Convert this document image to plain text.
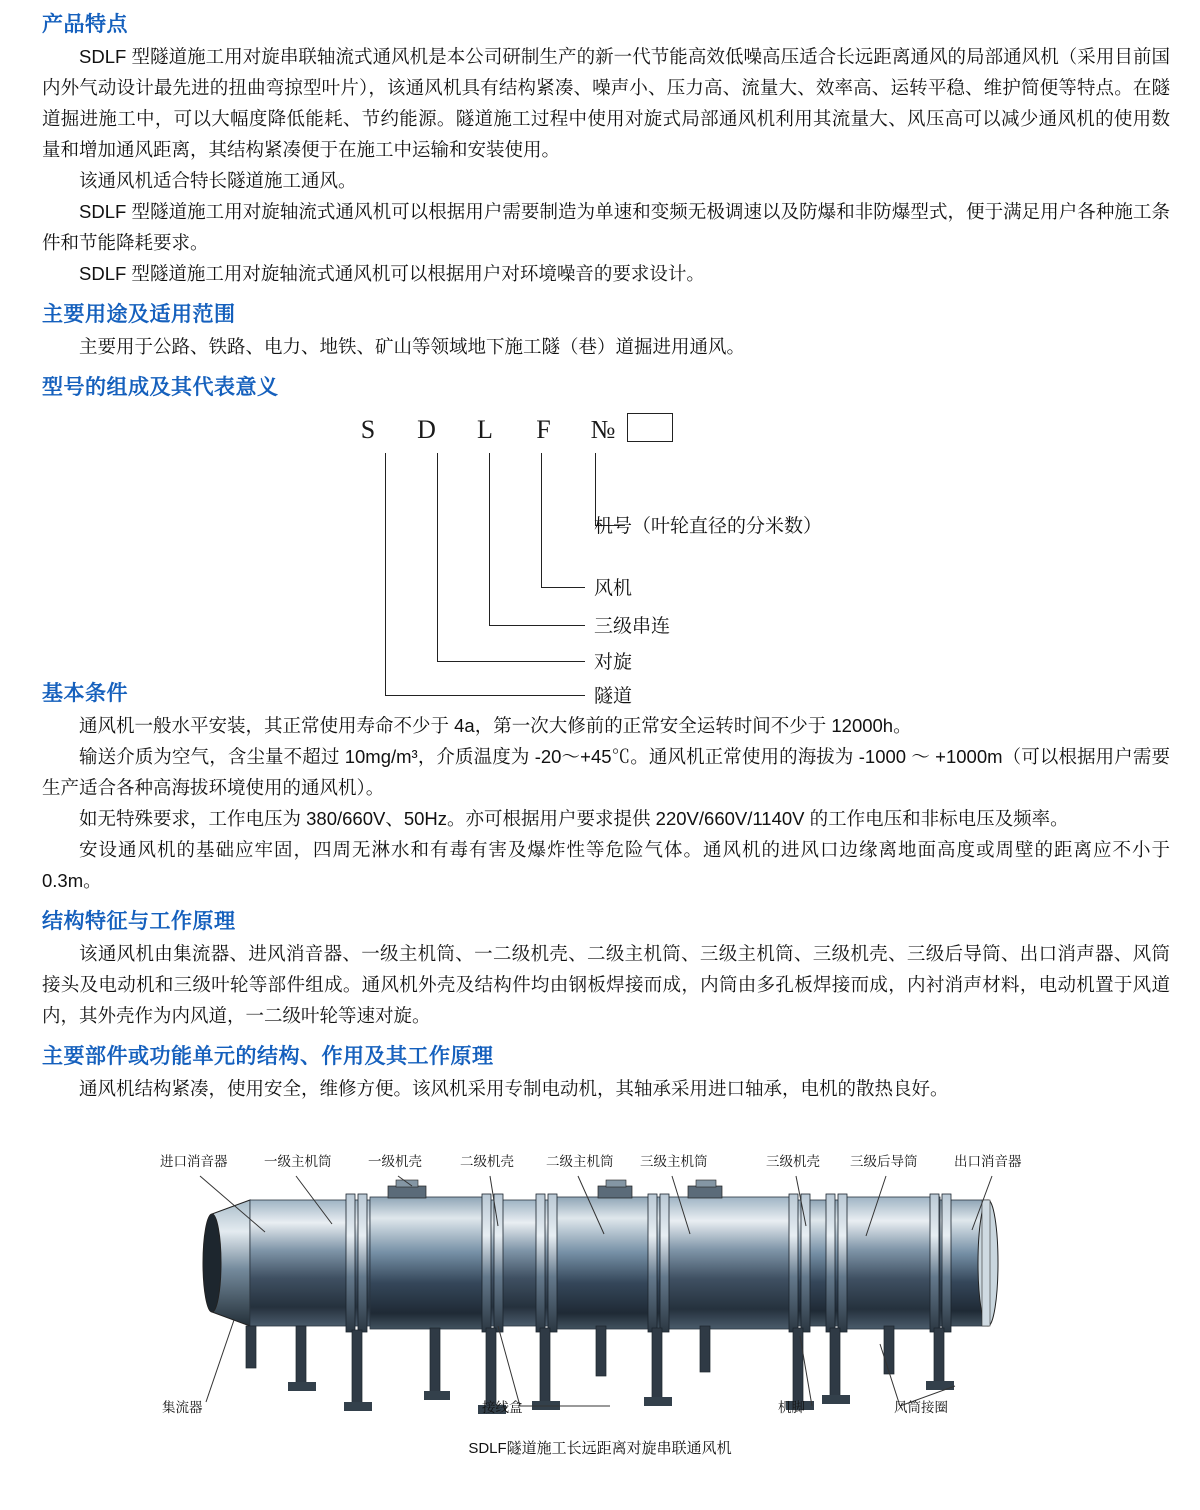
产品特点

SDLF 型隧道施工用对旋串联轴流式通风机是本公司研制生产的新一代节能高效低噪高压适合长远距离通风的局部通风机（采用目前国内外气动设计最先进的扭曲弯掠型叶片），该通风机具有结构紧凑、噪声小、压力高、流量大、效率高、运转平稳、维护简便等特点。在隧道掘进施工中，可以大幅度降低能耗、节约能源。隧道施工过程中使用对旋式局部通风机利用其流量大、风压高可以减少通风机的使用数量和增加通风距离，其结构紧凑便于在施工中运输和安装使用。

该通风机适合特长隧道施工通风。

SDLF 型隧道施工用对旋轴流式通风机可以根据用户需要制造为单速和变频无极调速以及防爆和非防爆型式，便于满足用户各种施工条件和节能降耗要求。

SDLF 型隧道施工用对旋轴流式通风机可以根据用户对环境噪音的要求设计。

主要用途及适用范围

主要用于公路、铁路、电力、地铁、矿山等领域地下施工隧（巷）道掘进用通风。

型号的组成及其代表意义
S D L F №
机号（叶轮直径的分米数）
风机
三级串连
对旋
隧道
基本条件

通风机一般水平安装，其正常使用寿命不少于 4a，第一次大修前的正常安全运转时间不少于 12000h。

输送介质为空气，含尘量不超过 10mg/m³，介质温度为 -20～+45℃。通风机正常使用的海拔为 -1000 ～ +1000m（可以根据用户需要生产适合各种高海拔环境使用的通风机）。

如无特殊要求，工作电压为 380/660V、50Hz。亦可根据用户要求提供 220V/660V/1140V 的工作电压和非标电压及频率。

安设通风机的基础应牢固，四周无淋水和有毒有害及爆炸性等危险气体。通风机的进风口边缘离地面高度或周壁的距离应不小于 0.3m。

结构特征与工作原理

该通风机由集流器、进风消音器、一级主机筒、一二级机壳、二级主机筒、三级主机筒、三级机壳、三级后导筒、出口消声器、风筒接头及电动机和三级叶轮等部件组成。通风机外壳及结构件均由钢板焊接而成，内筒由多孔板焊接而成，内衬消声材料，电动机置于风道内，其外壳作为内风道，一二级叶轮等速对旋。

主要部件或功能单元的结构、作用及其工作原理

通风机结构紧凑，使用安全，维修方便。该风机采用专制电动机，其轴承采用进口轴承，电机的散热良好。

进口消音器	一级主机筒	一级机壳	二级机壳 二级主机筒 三级主机筒	三级机壳 三级后导筒	出口消音器
集流器	接线盒	机脚	风筒接圈
SDLF隧道施工长远距离对旋串联通风机
